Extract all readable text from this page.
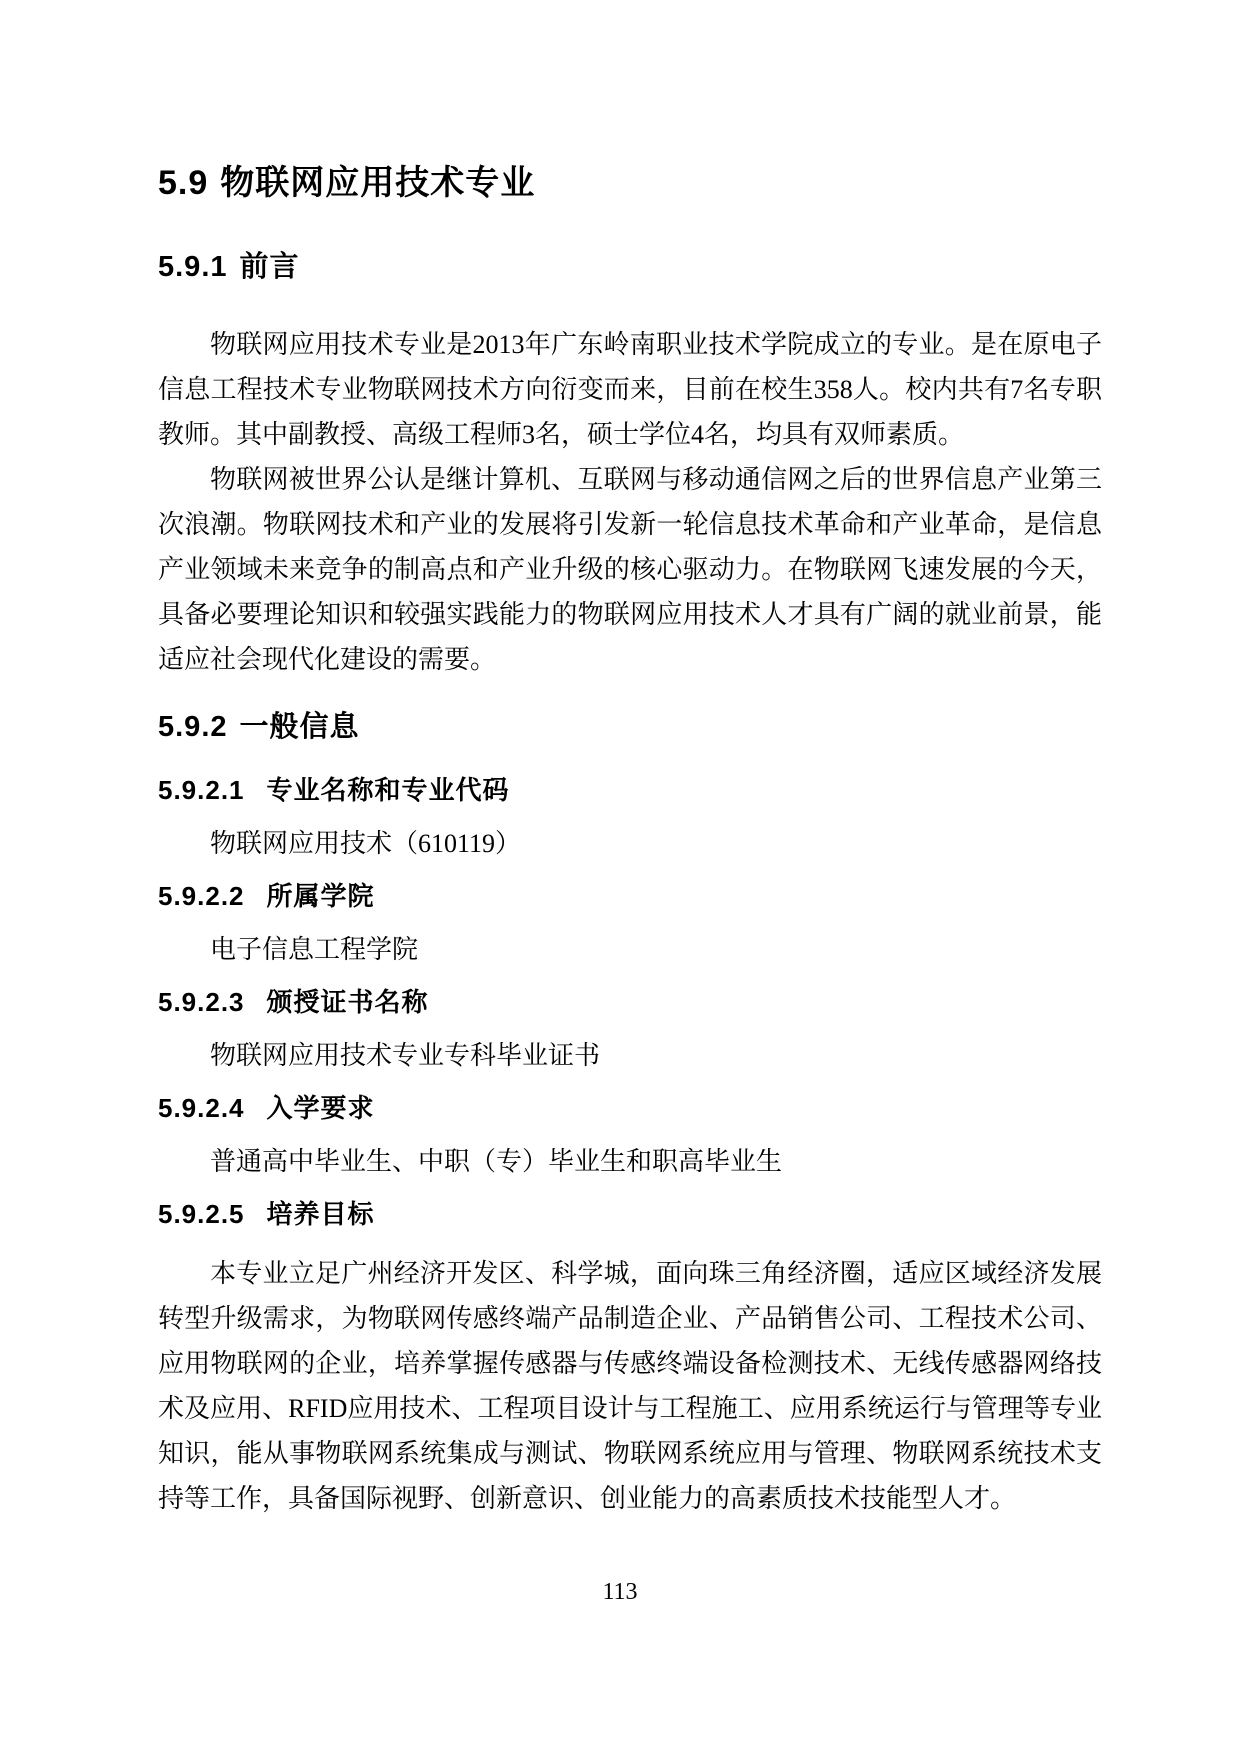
5.9 物联网应用技术专业
5.9.1 前言

物联网应用技术专业是2013年广东岭南职业技术学院成立的专业。是在原电子信息工程技术专业物联网技术方向衍变而来，目前在校生358人。校内共有7名专职教师。其中副教授、高级工程师3名，硕士学位4名，均具有双师素质。

物联网被世界公认是继计算机、互联网与移动通信网之后的世界信息产业第三次浪潮。物联网技术和产业的发展将引发新一轮信息技术革命和产业革命，是信息产业领域未来竞争的制高点和产业升级的核心驱动力。在物联网飞速发展的今天，具备必要理论知识和较强实践能力的物联网应用技术人才具有广阔的就业前景，能适应社会现代化建设的需要。

5.9.2 一般信息
5.9.2.1 专业名称和专业代码

物联网应用技术（610119）

5.9.2.2 所属学院

电子信息工程学院

5.9.2.3 颁授证书名称

物联网应用技术专业专科毕业证书

5.9.2.4 入学要求

普通高中毕业生、中职（专）毕业生和职高毕业生

5.9.2.5 培养目标

本专业立足广州经济开发区、科学城，面向珠三角经济圈，适应区域经济发展转型升级需求，为物联网传感终端产品制造企业、产品销售公司、工程技术公司、应用物联网的企业，培养掌握传感器与传感终端设备检测技术、无线传感器网络技术及应用、RFID应用技术、工程项目设计与工程施工、应用系统运行与管理等专业知识，能从事物联网系统集成与测试、物联网系统应用与管理、物联网系统技术支持等工作，具备国际视野、创新意识、创业能力的高素质技术技能型人才。

113
